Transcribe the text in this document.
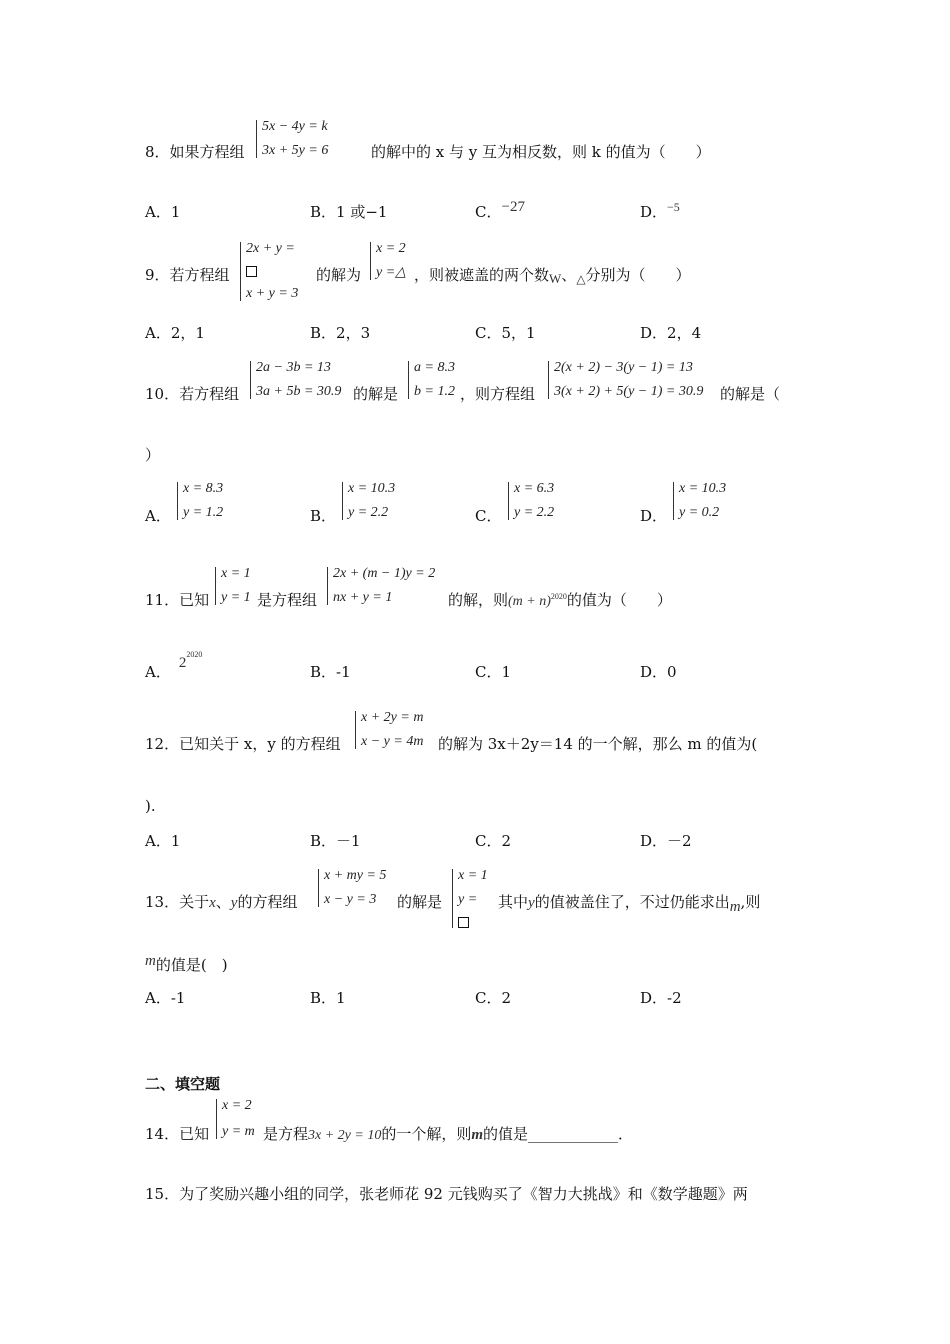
8．如果方程组
5x − 4y = k
3x + 5y = 6	的解中的 x 与 y 互为相反数，则 k 的值为（　　）
A．1	B．1 或−1	C．−27	D．$^{-5}$
9．若方程组
2x + y =
x + y = 3
的解为
x = 2
y =△ ，则被遮盖的两个数W、$_\triangle$分别为（　　）
A．2，1	B．2，3	C．5，1	D．2，4
10．若方程组
2a − 3b = 13
3a + 5b = 30.9 的解是
a = 8.3
b = 1.2 ，则方程组
2(x + 2) − 3(y − 1) = 13
3(x + 2) + 5(y − 1) = 30.9 的解是（
）
A．
x = 8.3
y = 1.2	B．
x = 10.3
y = 2.2	C．
x = 6.3
y = 2.2	D．
x = 10.3
y = 0.2
11．已知
x = 1
y = 1 是方程组
2x + (m − 1)y = 2
nx + y = 1	的解，则$(m + n)^{2020}$的值为（　　）
A． $2^{2020}$
B．-1	C．1	D．0
12．已知关于 x，y 的方程组
x + 2y = m
x − y = 4m 的解为 3x＋2y＝14 的一个解，那么 m 的值为(
).
A．1	B．－1	C．2	D．－2
13．关于x、y的方程组
x + my = 5
x − y = 3	的解是
x = 1
y =	其中y的值被盖住了，不过仍能求出m,则
m的值是(　)
A．-1	B．1	C．2	D．-2
二、填空题
14．已知
x = 2
y = m 是方程3x + 2y = 10的一个解，则m的值是____________．
15．为了奖励兴趣小组的同学，张老师花 92 元钱购买了《智力大挑战》和《数学趣题》两
